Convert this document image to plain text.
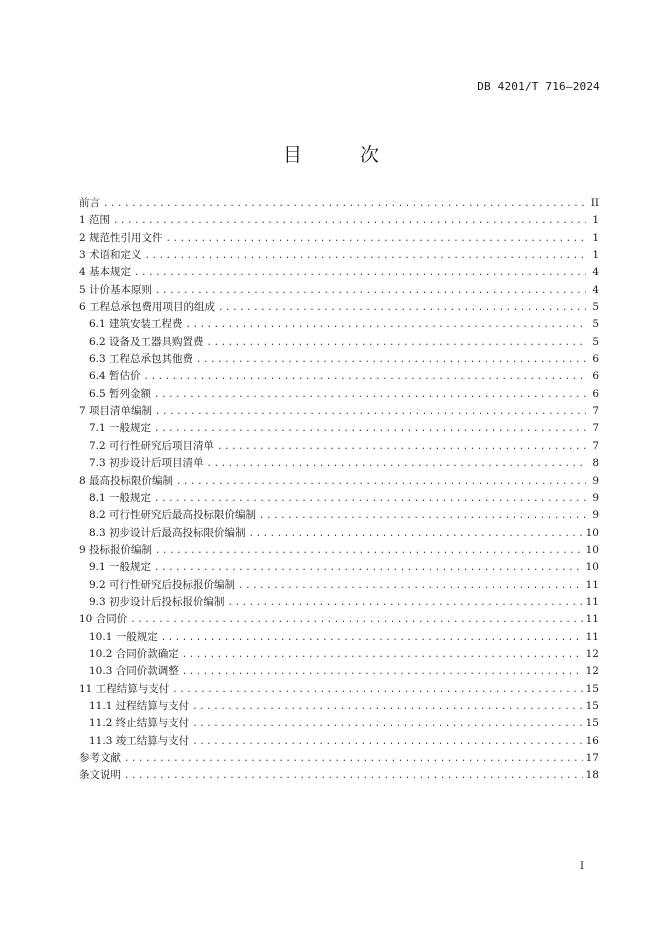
DB 4201/T 716—2024
目 次
前言 .....	II
1 范围 .....	1
2 规范性引用文件 .....	1
3 术语和定义 .....	1
4 基本规定 .....	4
5 计价基本原则 .....	4
6 工程总承包费用项目的组成 .....	5
6.1 建筑安装工程费 .....	5
6.2 设备及工器具购置费 .....	5
6.3 工程总承包其他费 .....	6
6.4 暂估价 .....	6
6.5 暂列金额 .....	6
7 项目清单编制 .....	7
7.1 一般规定 .....	7
7.2 可行性研究后项目清单 .....	7
7.3 初步设计后项目清单 .....	8
8 最高投标限价编制 .....	9
8.1 一般规定 .....	9
8.2 可行性研究后最高投标限价编制 .....	9
8.3 初步设计后最高投标限价编制 .....	10
9 投标报价编制 .....	10
9.1 一般规定 .....	10
9.2 可行性研究后投标报价编制 .....	11
9.3 初步设计后投标报价编制 .....	11
10 合同价 .....	11
10.1 一般规定 .....	11
10.2 合同价款确定 .....	12
10.3 合同价款调整 .....	12
11 工程结算与支付 .....	15
11.1 过程结算与支付 .....	15
11.2 终止结算与支付 .....	15
11.3 竣工结算与支付 .....	16
参考文献 .....	17
条文说明 .....	18
I
